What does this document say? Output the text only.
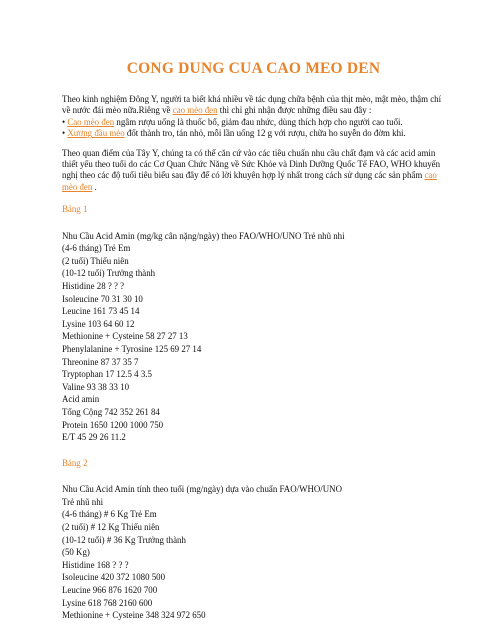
CONG DUNG CUA CAO MEO DEN

Theo kinh nghiệm Đông Y, người ta biết khá nhiều về tác dụng chữa bệnh của thịt mèo, mật mèo, thậm chí về nước đái mèo nữa.Riêng về cao mèo đen thì chỉ ghi nhận được những điều sau đây :

• Cao mèo đen ngâm rượu uống là thuốc bổ, giảm đau nhức, dùng thích hợp cho người cao tuổi.

• Xương đầu mèo đốt thành tro, tán nhỏ, mỗi lần uống 12 g với rượu, chữa ho suyễn do đờm khi.

Theo quan điểm của Tây Y, chúng ta có thể căn cứ vào các tiêu chuẩn nhu cầu chất đạm và các acid amin thiết yếu theo tuổi do các Cơ Quan Chức Năng về Sức Khỏe và Dinh Dưỡng Quốc Tế FAO, WHO khuyến nghị theo các độ tuổi tiêu biểu sau đây để có lời khuyên hợp lý nhất trong cách sử dụng các sản phẩm cao mèo đen .

Bảng 1

Nhu Cầu Acid Amin (mg/kg cân nặng/ngày) theo FAO/WHO/UNO Trẻ nhũ nhi
(4-6 tháng) Trẻ Em
(2 tuổi) Thiếu niên
(10-12 tuổi) Trưởng thành
Histidine 28 ? ? ?
Isoleucine 70 31 30 10
Leucine 161 73 45 14
Lysine 103 64 60 12
Methionine + Cysteine 58 27 27 13
Phenylalanine + Tyrosine 125 69 27 14
Threonine 87 37 35 7
Tryptophan 17 12.5 4 3.5
Valine 93 38 33 10
Acid amin
Tổng Cộng 742 352 261 84
Protein 1650 1200 1000 750
E/T 45 29 26 11.2

Bảng 2

Nhu Cầu Acid Amin tính theo tuổi (mg/ngày) dựa vào chuẩn FAO/WHO/UNO
Trẻ nhũ nhi
(4-6 tháng) # 6 Kg Trẻ Em
(2 tuổi) # 12 Kg Thiếu niên
(10-12 tuổi) # 36 Kg Trưởng thành
(50 Kg)
Histidine 168 ? ? ?
Isoleucine 420 372 1080 500
Leucine 966 876 1620 700
Lysine 618 768 2160 600
Methionine + Cysteine 348 324 972 650
